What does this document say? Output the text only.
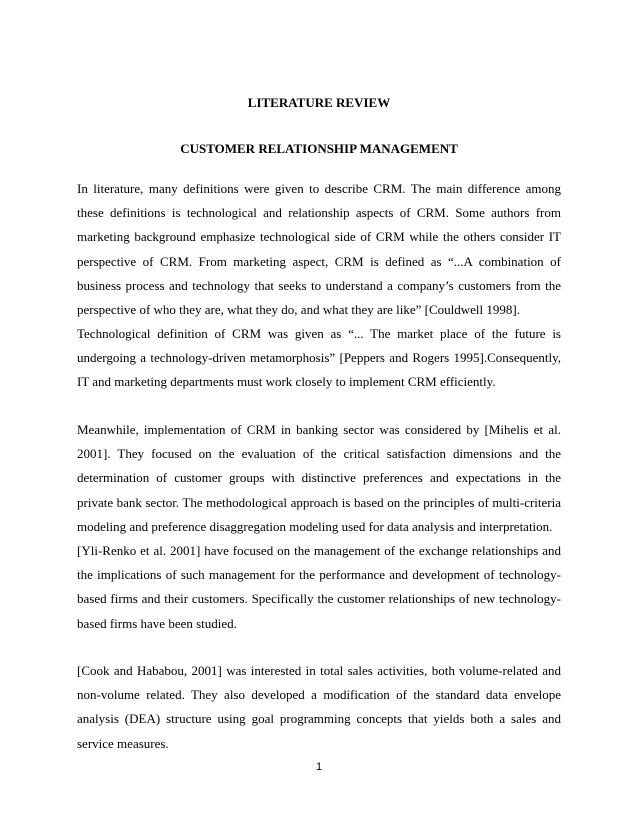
LITERATURE REVIEW
CUSTOMER RELATIONSHIP MANAGEMENT
In literature, many definitions were given to describe CRM. The main difference among these definitions is technological and relationship aspects of CRM. Some authors from marketing background emphasize technological side of CRM while the others consider IT perspective of CRM. From marketing aspect, CRM is defined as “...A combination of business process and technology that seeks to understand a company’s customers from the perspective of who they are, what they do, and what they are like” [Couldwell 1998].
Technological definition of CRM was given as “... The market place of the future is undergoing a technology-driven metamorphosis” [Peppers and Rogers 1995].Consequently, IT and marketing departments must work closely to implement CRM efficiently.
Meanwhile, implementation of CRM in banking sector was considered by [Mihelis et al. 2001]. They focused on the evaluation of the critical satisfaction dimensions and the determination of customer groups with distinctive preferences and expectations in the private bank sector. The methodological approach is based on the principles of multi-criteria modeling and preference disaggregation modeling used for data analysis and interpretation.
[Yli-Renko et al. 2001] have focused on the management of the exchange relationships and the implications of such management for the performance and development of technology-based firms and their customers. Specifically the customer relationships of new technology-based firms have been studied.
[Cook and Hababou, 2001] was interested in total sales activities, both volume-related and non-volume related. They also developed a modification of the standard data envelope analysis (DEA) structure using goal programming concepts that yields both a sales and service measures.
1
